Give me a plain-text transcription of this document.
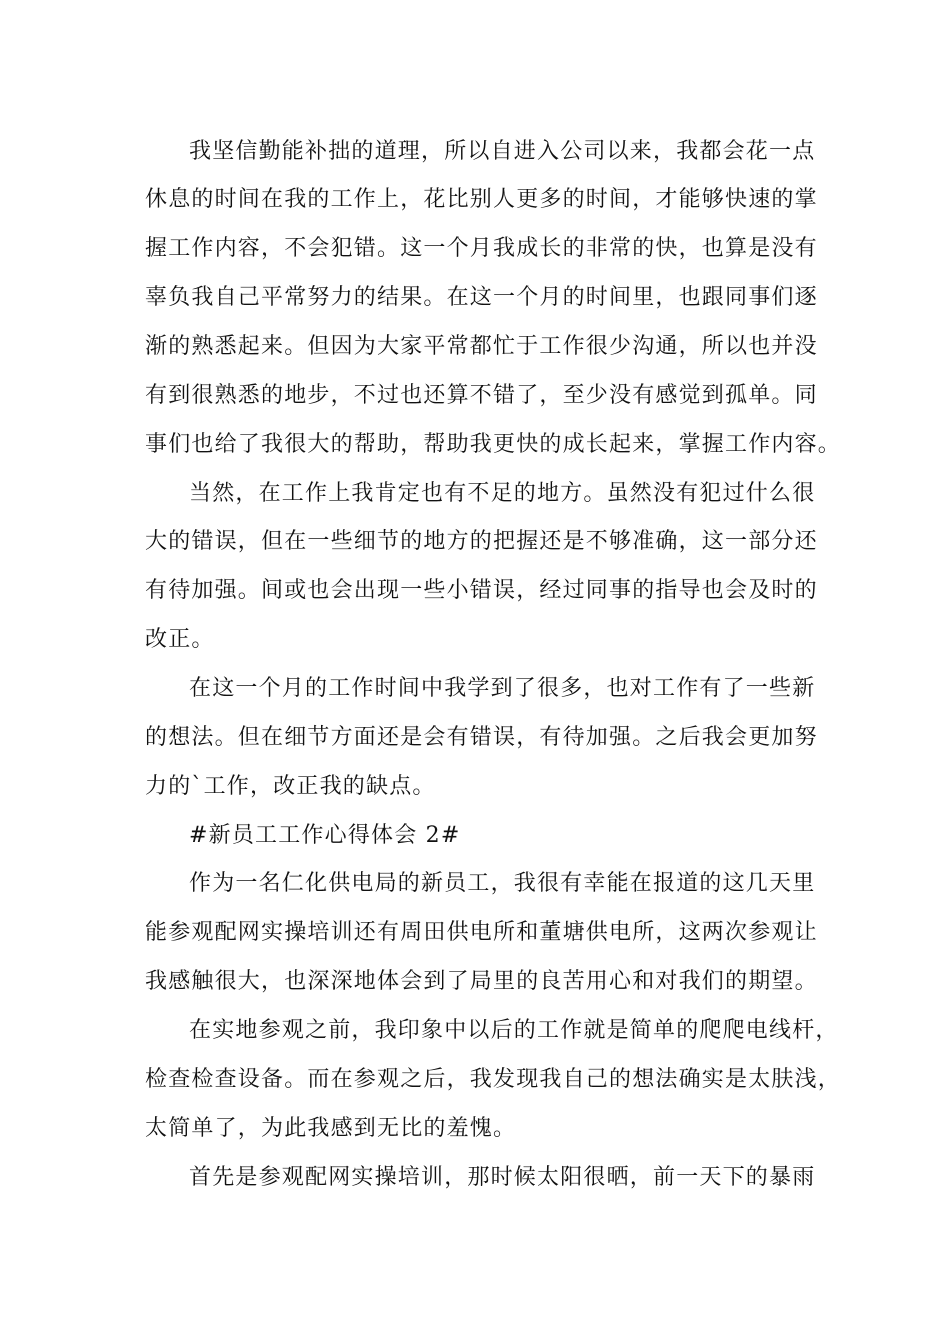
我坚信勤能补拙的道理，所以自进入公司以来，我都会花一点
休息的时间在我的工作上，花比别人更多的时间，才能够快速的掌
握工作内容，不会犯错。这一个月我成长的非常的快，也算是没有
辜负我自己平常努力的结果。在这一个月的时间里，也跟同事们逐
渐的熟悉起来。但因为大家平常都忙于工作很少沟通，所以也并没
有到很熟悉的地步，不过也还算不错了，至少没有感觉到孤单。同
事们也给了我很大的帮助，帮助我更快的成长起来，掌握工作内容。
当然，在工作上我肯定也有不足的地方。虽然没有犯过什么很
大的错误，但在一些细节的地方的把握还是不够准确，这一部分还
有待加强。间或也会出现一些小错误，经过同事的指导也会及时的
改正。
在这一个月的工作时间中我学到了很多，也对工作有了一些新
的想法。但在细节方面还是会有错误，有待加强。之后我会更加努
力的`工作，改正我的缺点。
#新员工工作心得体会 2#
作为一名仁化供电局的新员工，我很有幸能在报道的这几天里
能参观配网实操培训还有周田供电所和董塘供电所，这两次参观让
我感触很大，也深深地体会到了局里的良苦用心和对我们的期望。
在实地参观之前，我印象中以后的工作就是简单的爬爬电线杆，
检查检查设备。而在参观之后，我发现我自己的想法确实是太肤浅，
太简单了，为此我感到无比的羞愧。
首先是参观配网实操培训，那时候太阳很晒，前一天下的暴雨
